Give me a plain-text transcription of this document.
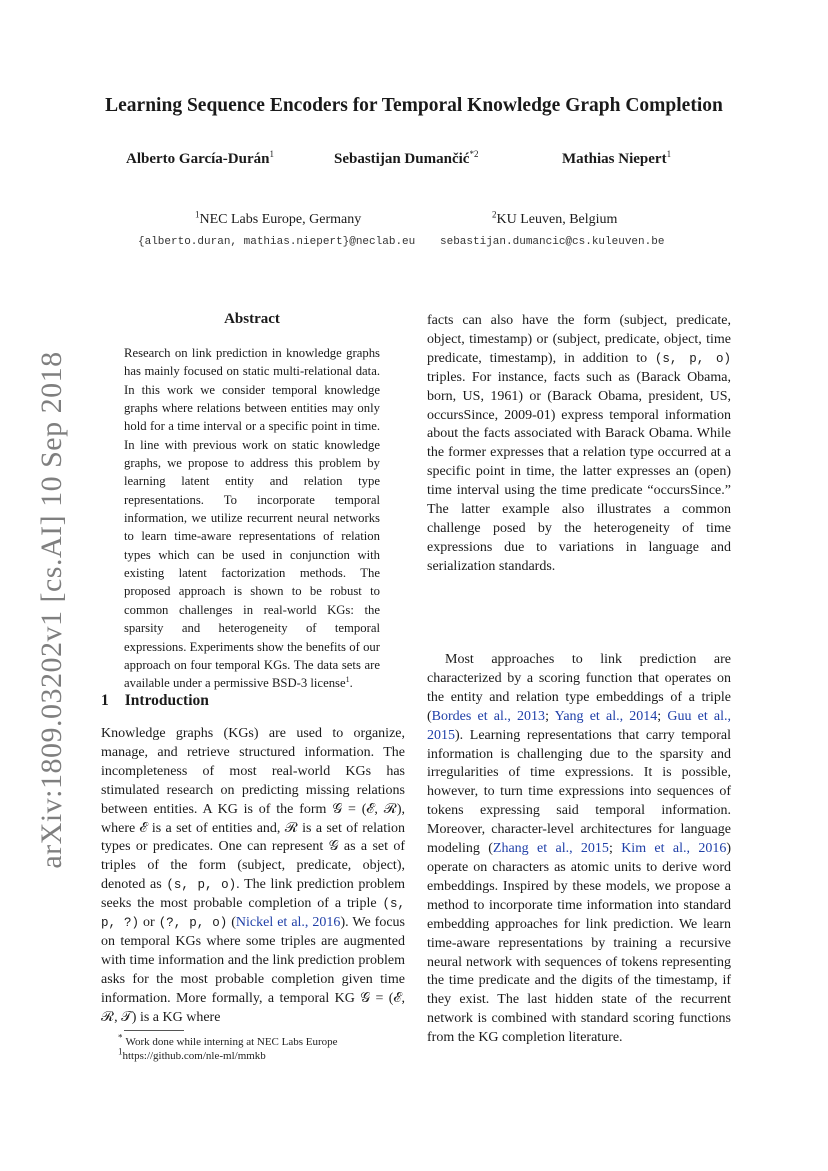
Learning Sequence Encoders for Temporal Knowledge Graph Completion
Alberto García-Durán$^1$	Sebastijan Dumančić$^{*2}$	Mathias Niepert$^1$
$^1$NEC Labs Europe, Germany	$^2$KU Leuven, Belgium
{alberto.duran, mathias.niepert}@neclab.eu sebastijan.dumancic@cs.kuleuven.be
arXiv:1809.03202v1 [cs.AI] 10 Sep 2018
Abstract
Research on link prediction in knowledge graphs has mainly focused on static multi-relational data. In this work we consider temporal knowledge graphs where relations between entities may only hold for a time interval or a specific point in time. In line with previous work on static knowledge graphs, we propose to address this problem by learning latent entity and relation type representations. To incorporate temporal information, we utilize recurrent neural networks to learn time-aware representations of relation types which can be used in conjunction with existing latent factorization methods. The proposed approach is shown to be robust to common challenges in real-world KGs: the sparsity and heterogeneity of temporal expressions. Experiments show the benefits of our approach on four temporal KGs. The data sets are available under a permissive BSD-3 license$^1$.
1 Introduction
Knowledge graphs (KGs) are used to organize, manage, and retrieve structured information. The incompleteness of most real-world KGs has stimulated research on predicting missing relations between entities. A KG is of the form 𝒢 = (ℰ, ℛ), where ℰ is a set of entities and, ℛ is a set of relation types or predicates. One can represent 𝒢 as a set of triples of the form (subject, predicate, object), denoted as (s, p, o). The link prediction problem seeks the most probable completion of a triple (s, p, ?) or (?, p, o) (Nickel et al., 2016). We focus on temporal KGs where some triples are augmented with time information and the link prediction problem asks for the most probable completion given time information. More formally, a temporal KG 𝒢 = (ℰ, ℛ, 𝒯) is a KG where
* Work done while interning at NEC Labs Europe
$^1$https://github.com/nle-ml/mmkb
facts can also have the form (subject, predicate, object, timestamp) or (subject, predicate, object, time predicate, timestamp), in addition to (s, p, o) triples. For instance, facts such as (Barack Obama, born, US, 1961) or (Barack Obama, president, US, occursSince, 2009-01) express temporal information about the facts associated with Barack Obama. While the former expresses that a relation type occurred at a specific point in time, the latter expresses an (open) time interval using the time predicate “occursSince.” The latter example also illustrates a common challenge posed by the heterogeneity of time expressions due to variations in language and serialization standards.
Most approaches to link prediction are characterized by a scoring function that operates on the entity and relation type embeddings of a triple (Bordes et al., 2013; Yang et al., 2014; Guu et al., 2015). Learning representations that carry temporal information is challenging due to the sparsity and irregularities of time expressions. It is possible, however, to turn time expressions into sequences of tokens expressing said temporal information. Moreover, character-level architectures for language modeling (Zhang et al., 2015; Kim et al., 2016) operate on characters as atomic units to derive word embeddings. Inspired by these models, we propose a method to incorporate time information into standard embedding approaches for link prediction. We learn time-aware representations by training a recursive neural network with sequences of tokens representing the time predicate and the digits of the timestamp, if they exist. The last hidden state of the recurrent network is combined with standard scoring functions from the KG completion literature.
